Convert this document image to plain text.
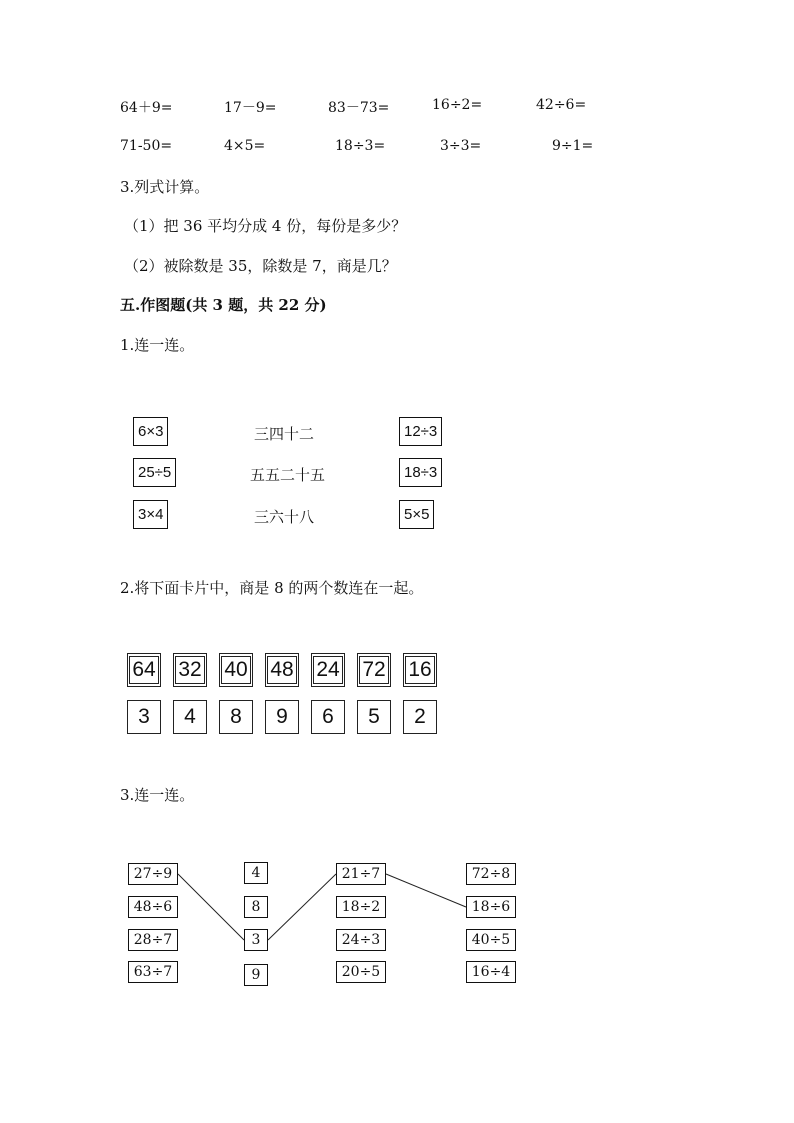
64＋9=	17－9=	83－73=	16÷2=	42÷6=
71-50=	4×5=	18÷3=	3÷3=	9÷1=
3.列式计算。
（1）把 36 平均分成 4 份，每份是多少？
（2）被除数是 35，除数是 7，商是几？
五.作图题(共 3 题，共 22 分)
1.连一连。
6×3
25÷5
3×4
三四十二
五五二十五
三六十八
12÷3
18÷3
5×5
2.将下面卡片中，商是 8 的两个数连在一起。
64 32 40 48 24 72 16
3	4	8	9	6	5	2
3.连一连。
27÷9
48÷6
28÷7
63÷7
4
8
3
9
21÷7
18÷2
24÷3
20÷5
72÷8
18÷6
40÷5
16÷4
